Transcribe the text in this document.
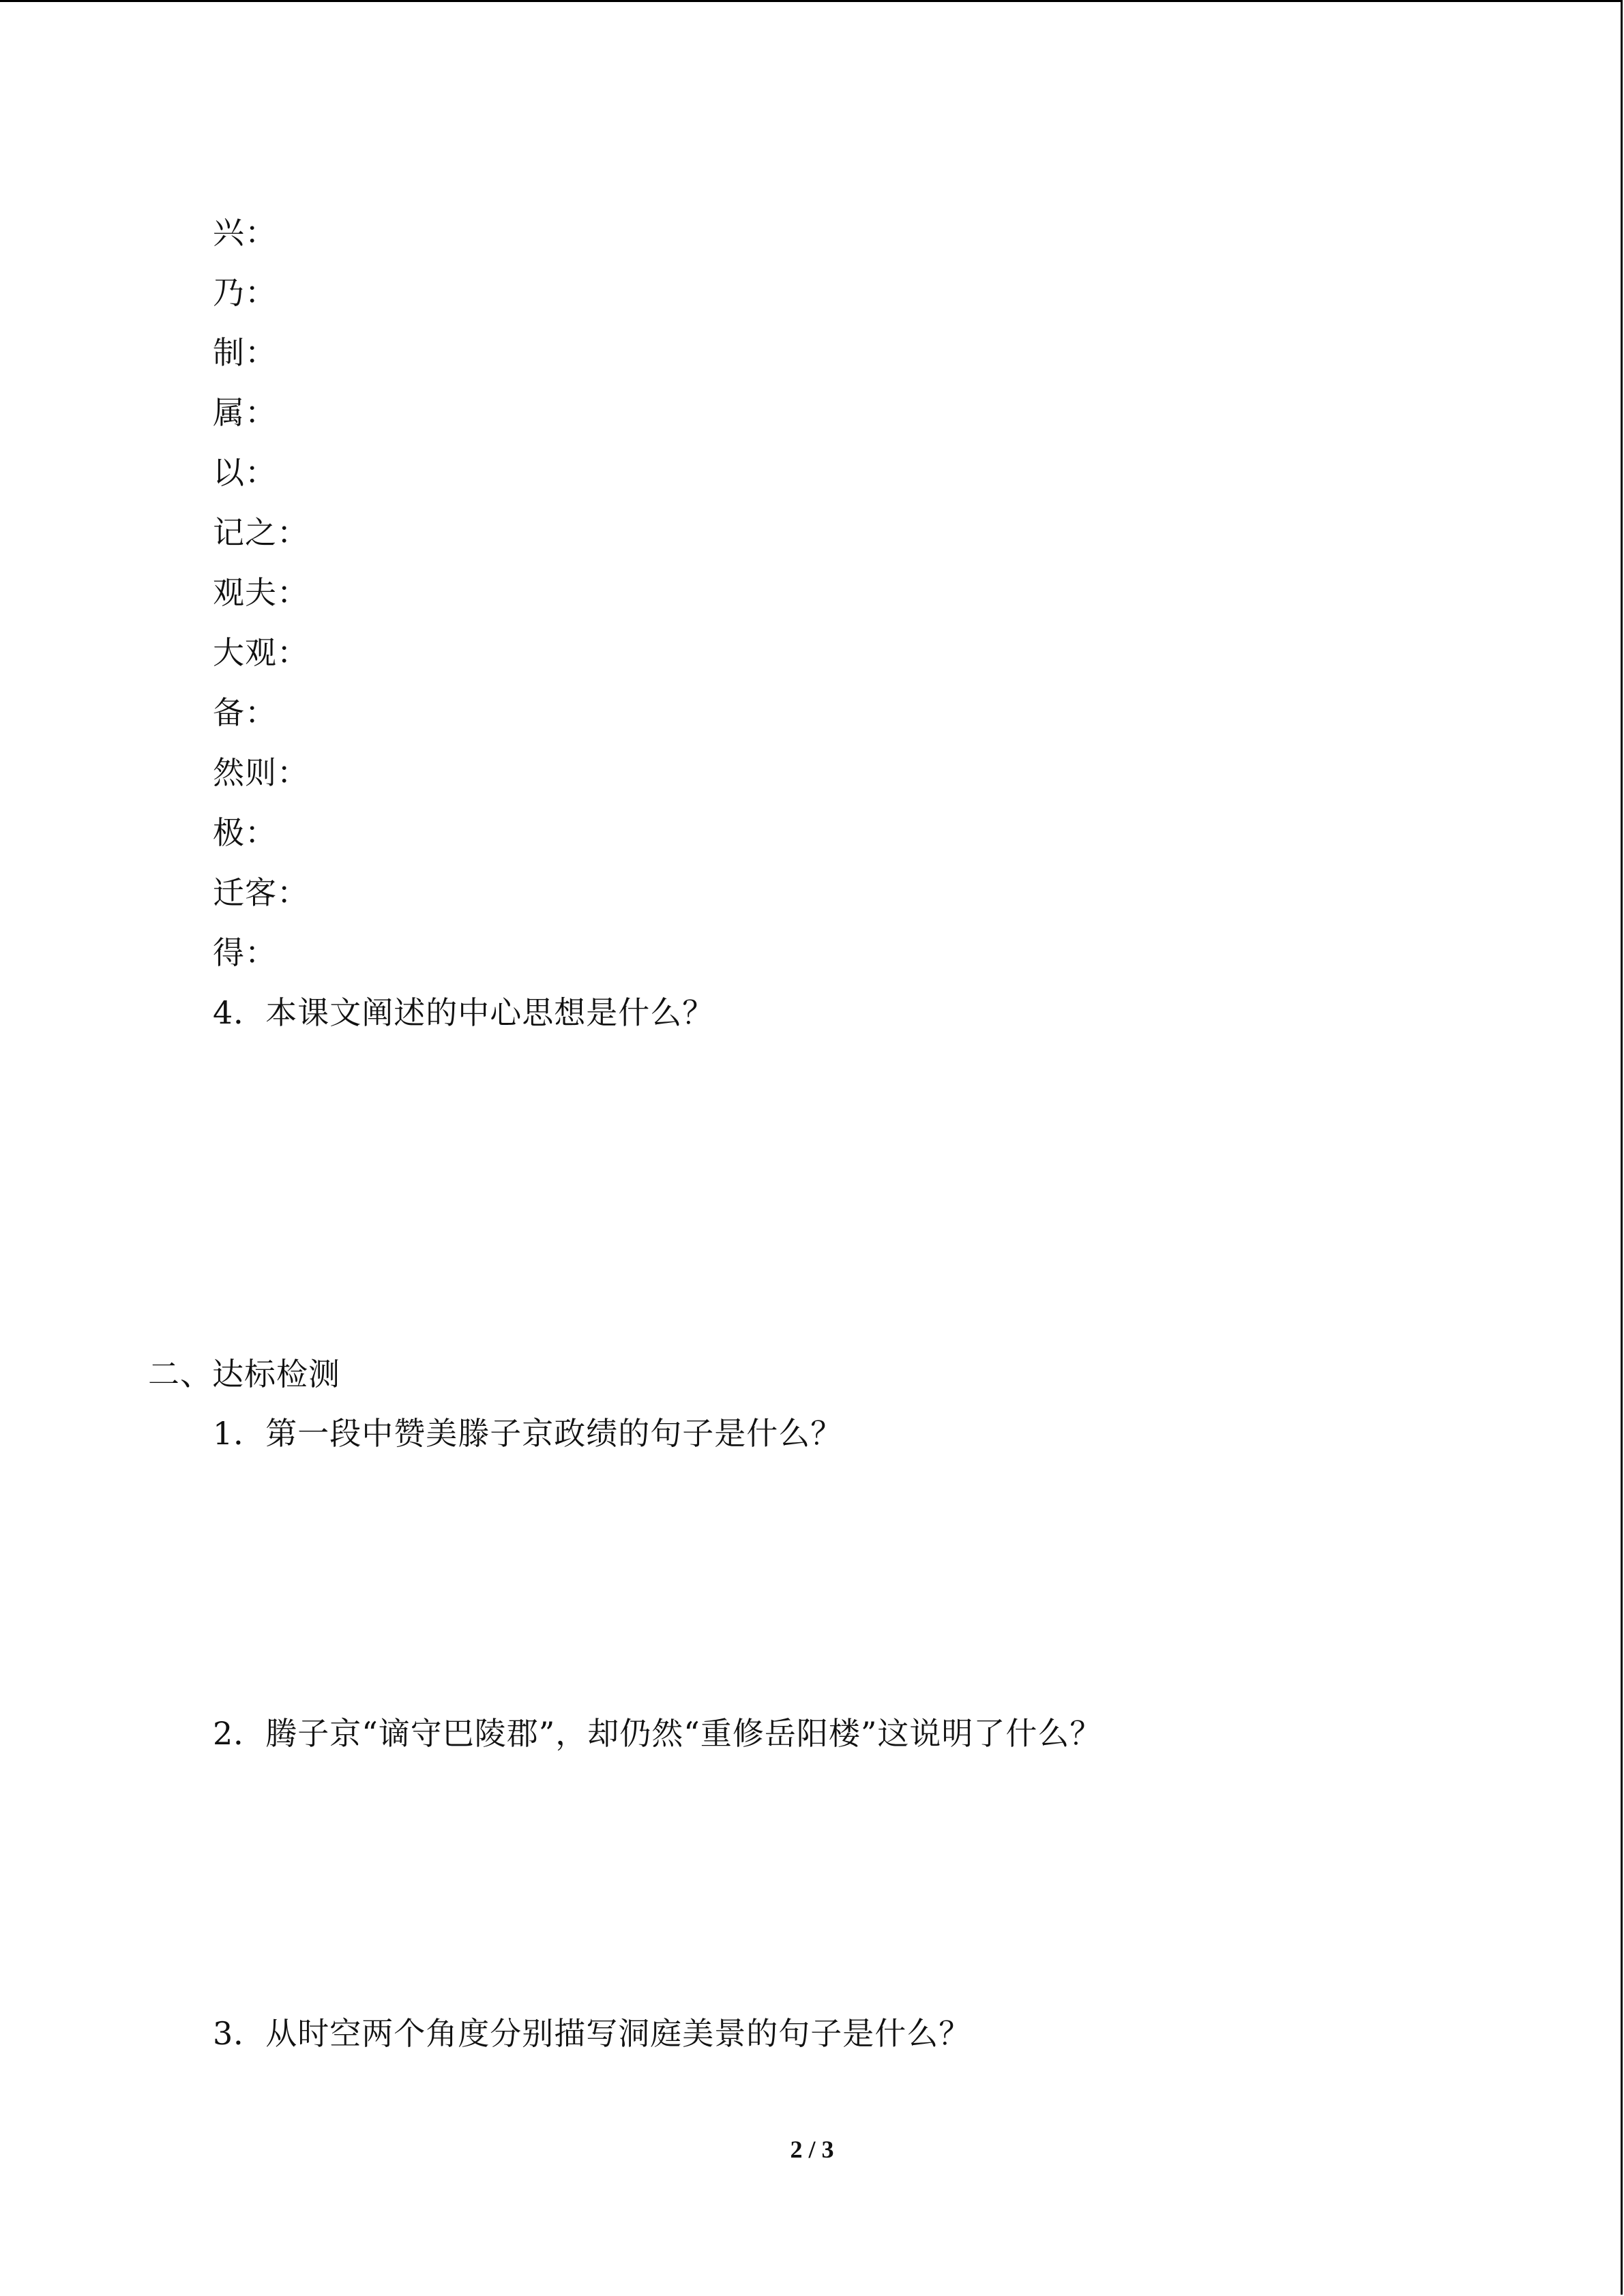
兴：
乃：
制：
属：
以：
记之：
观夫：
大观：
备：
然则：
极：
迁客：
得：
4．本课文阐述的中心思想是什么？
二、达标检测
1．第一段中赞美滕子京政绩的句子是什么？
2．腾子京“谪守巴陵郡”，却仍然“重修岳阳楼”这说明了什么？
3．从时空两个角度分别描写洞庭美景的句子是什么？
2 / 3
